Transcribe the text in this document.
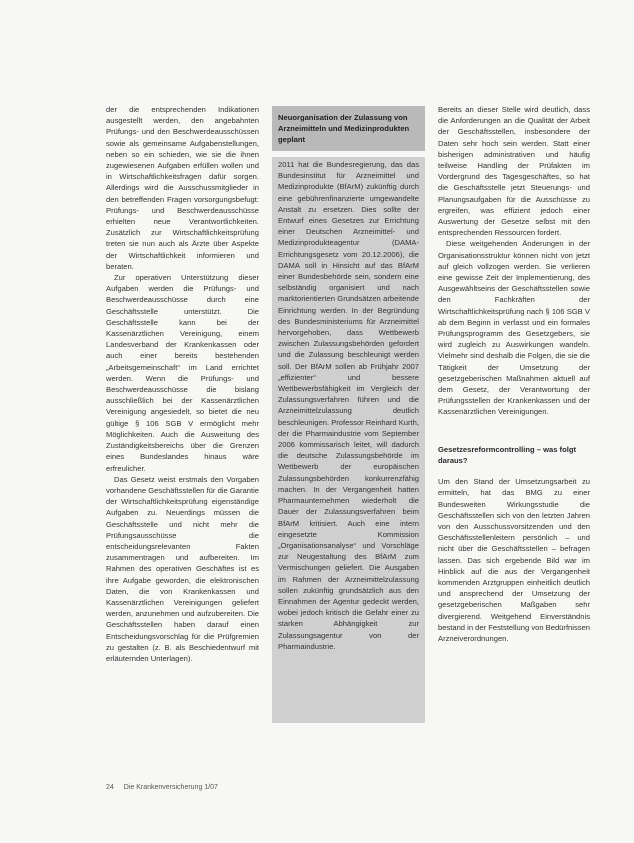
der die entsprechenden Indikationen ausgestellt werden, den angebahnten Prüfungs- und den Beschwerdeausschüssen sowie als gemeinsame Aufgabenstellungen, neben so ein schieden, wie sie die ihnen zugewiesenen Aufgaben erfüllen wollen und in Wirtschaftlichkeitsfragen dafür sorgen. Allerdings wird die Ausschussmitglieder in den betreffenden Fragen vorsorgungsbefugt: Prüfungs- und Beschwerdeausschüsse erhielten neue Verantwortlichkeiten. Zusätzlich zur Wirtschaftlichkeitsprüfung treten sie nun auch als Ärzte über Aspekte der Wirtschaftlichkeit informieren und beraten.

Zur operativen Unterstützung dieser Aufgaben werden die Prüfungs- und Beschwerdeausschüsse durch eine Geschäftsstelle unterstützt. Die Geschäftsstelle kann bei der Kassenärztlichen Vereinigung, einem Landesverband der Krankenkassen oder auch einer bereits bestehenden „Arbeitsgemeinschaft“ im Land errichtet werden. Wenn die Prüfungs- und Beschwerdeausschüsse die bislang ausschließlich bei der Kassenärztlichen Vereinigung angesiedelt, so bietet die neu gültige § 106 SGB V ermöglicht mehr Möglichkeiten. Auch die Ausweitung des Zuständigkeitsbereichs über die Grenzen eines Bundeslandes hinaus wäre erfreulicher.

Das Gesetz weist erstmals den Vorgaben vorhandene Geschäftsstellen für die Garantie der Wirtschaftlichkeitsprüfung eigenständige Aufgaben zu. Neuerdings müssen die Geschäftsstelle und nicht mehr die Prüfungsausschüsse die entscheidungsrelevanten Fakten zusammentragen und aufbereiten. Im Rahmen des operativen Geschäftes ist es ihre Aufgabe geworden, die elektronischen Daten, die von Krankenkassen und Kassenärztlichen Vereinigungen geliefert werden, anzunehmen und aufzubereiten. Die Geschäftsstellen haben darauf einen Entscheidungsvorschlag für die Prüfgremien zu gestalten (z. B. als Beschiedentwurf mit erläuternden Unterlagen).

Neuorganisation der Zulassung von Arzneimitteln und Medizinprodukten geplant

2011 hat die Bundesregierung, das das Bundesinstitut für Arzneimittel und Medizinprodukte (BfArM) zukünftig durch eine gebührenfinanzierte umgewandelte Anstalt zu ersetzen. Dies sollte der Entwurf eines Gesetzes zur Errichtung einer Deutschen Arzneimittel- und Medizinprodukteagentur (DAMA-Errichtungsgesetz vom 20.12.2006), die DAMA soll in Hinsicht auf das BfArM einer Bundesbehörde sein, sondern eine selbständig organisiert und nach marktorientierten Grundsätzen arbeitende Einrichtung werden. In der Begründung des Bundesministeriums für Arzneimittel hervorgehoben, dass Wettbewerb zwischen Zulassungsbehörden gefordert und die Zulassung beschleunigt werden soll. Der BfArM sollen ab Frühjahr 2007 „effizienter“ und bessere Wettbewerbsfähigkeit im Vergleich der Zulassungsverfahren führen und die Arzneimittelzulassung deutlich beschleunigen. Professor Reinhard Kurth, der die Pharmaindustrie vom September 2006 kommissarisch leitet, will dadurch die deutsche Zulassungsbehörde im Wettbewerb der europäischen Zulassungsbehörden konkurrenzfähig machen. In der Vergangenheit hatten Pharmaunternehmen wiederholt die Dauer der Zulassungsverfahren beim BfArM kritisiert. Auch eine intern eingesetzte Kommission „Organisationsanalyse“ und Vorschläge zur Neugestaltung des BfArM zum Vermischungen geliefert. Die Ausgaben im Rahmen der Arzneimittelzulassung sollen zukünftig grundsätzlich aus den Einnahmen der Agentur gedeckt werden, wobei jedoch kritisch die Gefahr einer zu starken Abhängigkeit zur Zulassungsagentur von der Pharmaindustrie.

Bereits an dieser Stelle wird deutlich, dass die Anforderungen an die Qualität der Arbeit der Geschäftsstellen, insbesondere der Daten sehr hoch sein werden. Statt einer bisherigen administrativen und häufig teilweise Handling der Prüfakten im Vordergrund des Tagesgeschäftes, so hat die Geschäftsstelle jetzt Steuerungs- und Planungsaufgaben für die Ausschüsse zu ergreifen, was effizient jedoch einer Auswertung der Gesetze selbst mit den entsprechenden Ressourcen fordert.

Diese weitgehenden Änderungen in der Organisationsstruktur können nicht von jetzt auf gleich vollzogen werden. Sie verlieren eine gewisse Zeit der Implementierung, des Ausgewähltseins der Geschäftsstellen sowie den Fachkräften der Wirtschaftlichkeitsprüfung nach § 106 SGB V ab dem Beginn in verfasst und ein formales Prüfungsprogramm des Gesetzgebers, sie wird zugleich zu Auswirkungen wandeln. Vielmehr sind deshalb die Folgen, die sie die Tätigkeit der Umsetzung der gesetzgeberischen Maßnahmen aktuell auf dem Gesetz, der Verantwortung der Prüfungsstellen der Krankenkassen und der Kassenärztlichen Vereinigungen.

Gesetzesreformcontrolling – was folgt daraus?

Um den Stand der Umsetzungsarbeit zu ermitteln, hat das BMG zu einer Bundesweiten Wirkungsstudie die Geschäftsstellen sich von den letzten Jahren von den Ausschussvorsitzenden und den Geschäftsstellenleitern persönlich – und nicht über die Geschäftsstellen – befragen lassen. Das sich ergebende Bild war im Hinblick auf die aus der Vergangenheit kommenden Arztgruppen einheitlich deutlich und ansprechend der Umsetzung der gesetzgeberischen Maßgaben sehr divergierend. Weitgehend Einverständnis bestand in der Feststellung von Bedürfnissen Arzneiverordnungen.

24 Die Krankenversicherung 1/07
